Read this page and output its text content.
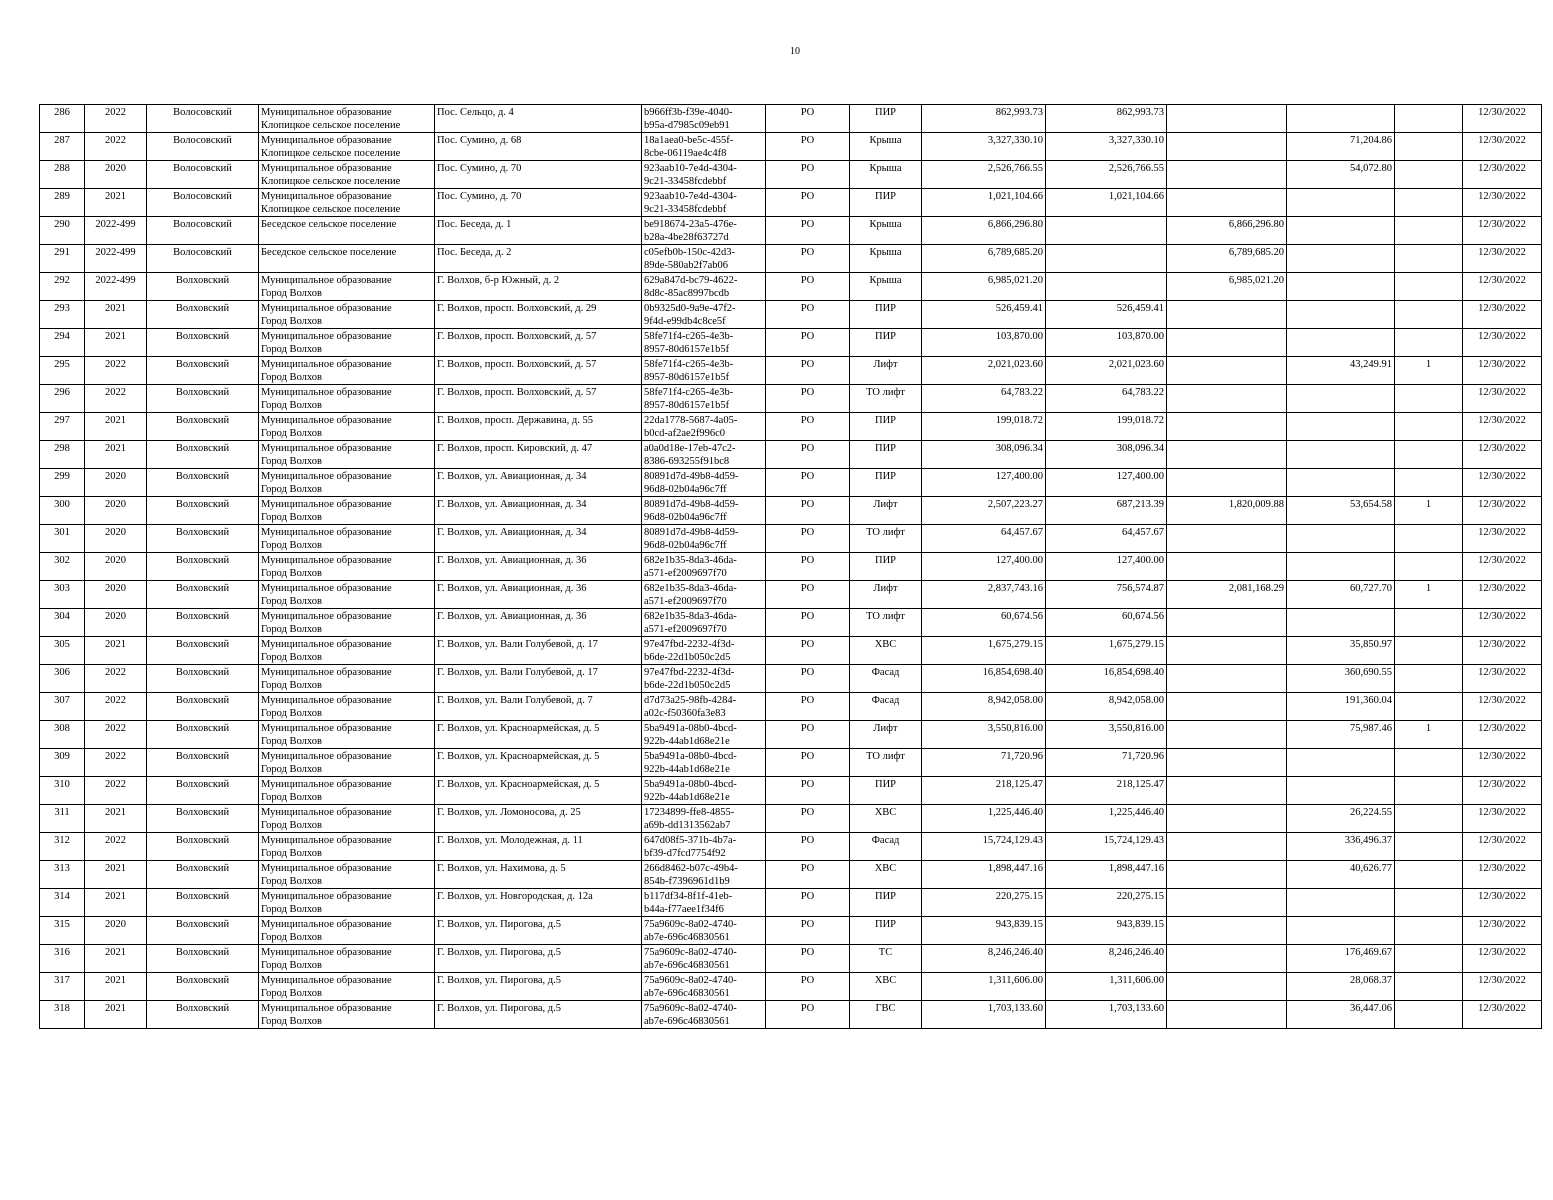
10
286	2022	Волосовский	Муниципальное образование
Клопицкое сельское поселение	Пос. Сельцо, д. 4	b966ff3b-f39e-4040-
b95a-d7985c09eb91	РО	ПИР	862,993.73	862,993.73				12/30/2022
287	2022	Волосовский	Муниципальное образование
Клопицкое сельское поселение	Пос. Сумино, д. 68	18a1aea0-be5c-455f-
8cbe-06119ae4c4f8	РО	Крыша	3,327,330.10	3,327,330.10		71,204.86		12/30/2022
288	2020	Волосовский	Муниципальное образование
Клопицкое сельское поселение	Пос. Сумино, д. 70	923aab10-7e4d-4304-
9c21-33458fcdebbf	РО	Крыша	2,526,766.55	2,526,766.55		54,072.80		12/30/2022
289	2021	Волосовский	Муниципальное образование
Клопицкое сельское поселение	Пос. Сумино, д. 70	923aab10-7e4d-4304-
9c21-33458fcdebbf	РО	ПИР	1,021,104.66	1,021,104.66				12/30/2022
290	2022-499	Волосовский	Беседское сельское поселение	Пос. Беседа, д. 1	be918674-23a5-476e-
b28a-4be28f63727d	РО	Крыша	6,866,296.80		6,866,296.80			12/30/2022
291	2022-499	Волосовский	Беседское сельское поселение	Пос. Беседа, д. 2	c05efb0b-150c-42d3-
89de-580ab2f7ab06	РО	Крыша	6,789,685.20		6,789,685.20			12/30/2022
292	2022-499	Волховский	Муниципальное образование
Город Волхов	Г. Волхов, б-р Южный, д. 2	629a847d-bc79-4622-
8d8c-85ac8997bcdb	РО	Крыша	6,985,021.20		6,985,021.20			12/30/2022
293	2021	Волховский	Муниципальное образование
Город Волхов	Г. Волхов, просп. Волховский, д. 29	0b9325d0-9a9e-47f2-
9f4d-e99db4c8ce5f	РО	ПИР	526,459.41	526,459.41				12/30/2022
294	2021	Волховский	Муниципальное образование
Город Волхов	Г. Волхов, просп. Волховский, д. 57	58fe71f4-c265-4e3b-
8957-80d6157e1b5f	РО	ПИР	103,870.00	103,870.00				12/30/2022
295	2022	Волховский	Муниципальное образование
Город Волхов	Г. Волхов, просп. Волховский, д. 57	58fe71f4-c265-4e3b-
8957-80d6157e1b5f	РО	Лифт	2,021,023.60	2,021,023.60		43,249.91	1	12/30/2022
296	2022	Волховский	Муниципальное образование
Город Волхов	Г. Волхов, просп. Волховский, д. 57	58fe71f4-c265-4e3b-
8957-80d6157e1b5f	РО	ТО лифт	64,783.22	64,783.22				12/30/2022
297	2021	Волховский	Муниципальное образование
Город Волхов	Г. Волхов, просп. Державина, д. 55	22da1778-5687-4a05-
b0cd-af2ae2f996c0	РО	ПИР	199,018.72	199,018.72				12/30/2022
298	2021	Волховский	Муниципальное образование
Город Волхов	Г. Волхов, просп. Кировский, д. 47	a0a0d18e-17eb-47c2-
8386-693255f91bc8	РО	ПИР	308,096.34	308,096.34				12/30/2022
299	2020	Волховский	Муниципальное образование
Город Волхов	Г. Волхов, ул. Авиационная, д. 34	80891d7d-49b8-4d59-
96d8-02b04a96c7ff	РО	ПИР	127,400.00	127,400.00				12/30/2022
300	2020	Волховский	Муниципальное образование
Город Волхов	Г. Волхов, ул. Авиационная, д. 34	80891d7d-49b8-4d59-
96d8-02b04a96c7ff	РО	Лифт	2,507,223.27	687,213.39	1,820,009.88	53,654.58	1	12/30/2022
301	2020	Волховский	Муниципальное образование
Город Волхов	Г. Волхов, ул. Авиационная, д. 34	80891d7d-49b8-4d59-
96d8-02b04a96c7ff	РО	ТО лифт	64,457.67	64,457.67				12/30/2022
302	2020	Волховский	Муниципальное образование
Город Волхов	Г. Волхов, ул. Авиационная, д. 36	682e1b35-8da3-46da-
a571-ef2009697f70	РО	ПИР	127,400.00	127,400.00				12/30/2022
303	2020	Волховский	Муниципальное образование
Город Волхов	Г. Волхов, ул. Авиационная, д. 36	682e1b35-8da3-46da-
a571-ef2009697f70	РО	Лифт	2,837,743.16	756,574.87	2,081,168.29	60,727.70	1	12/30/2022
304	2020	Волховский	Муниципальное образование
Город Волхов	Г. Волхов, ул. Авиационная, д. 36	682e1b35-8da3-46da-
a571-ef2009697f70	РО	ТО лифт	60,674.56	60,674.56				12/30/2022
305	2021	Волховский	Муниципальное образование
Город Волхов	Г. Волхов, ул. Вали Голубевой, д. 17	97e47fbd-2232-4f3d-
b6de-22d1b050c2d5	РО	ХВС	1,675,279.15	1,675,279.15		35,850.97		12/30/2022
306	2022	Волховский	Муниципальное образование
Город Волхов	Г. Волхов, ул. Вали Голубевой, д. 17	97e47fbd-2232-4f3d-
b6de-22d1b050c2d5	РО	Фасад	16,854,698.40	16,854,698.40		360,690.55		12/30/2022
307	2022	Волховский	Муниципальное образование
Город Волхов	Г. Волхов, ул. Вали Голубевой, д. 7	d7d73a25-98fb-4284-
a02c-f50360fa3e83	РО	Фасад	8,942,058.00	8,942,058.00		191,360.04		12/30/2022
308	2022	Волховский	Муниципальное образование
Город Волхов	Г. Волхов, ул. Красноармейская, д. 5	5ba9491a-08b0-4bcd-
922b-44ab1d68e21e	РО	Лифт	3,550,816.00	3,550,816.00		75,987.46	1	12/30/2022
309	2022	Волховский	Муниципальное образование
Город Волхов	Г. Волхов, ул. Красноармейская, д. 5	5ba9491a-08b0-4bcd-
922b-44ab1d68e21e	РО	ТО лифт	71,720.96	71,720.96				12/30/2022
310	2022	Волховский	Муниципальное образование
Город Волхов	Г. Волхов, ул. Красноармейская, д. 5	5ba9491a-08b0-4bcd-
922b-44ab1d68e21e	РО	ПИР	218,125.47	218,125.47				12/30/2022
311	2021	Волховский	Муниципальное образование
Город Волхов	Г. Волхов, ул. Ломоносова, д. 25	17234899-ffe8-4855-
a69b-dd1313562ab7	РО	ХВС	1,225,446.40	1,225,446.40		26,224.55		12/30/2022
312	2022	Волховский	Муниципальное образование
Город Волхов	Г. Волхов, ул. Молодежная, д. 11	647d08f5-371b-4b7a-
bf39-d7fcd7754f92	РО	Фасад	15,724,129.43	15,724,129.43		336,496.37		12/30/2022
313	2021	Волховский	Муниципальное образование
Город Волхов	Г. Волхов, ул. Нахимова, д. 5	266d8462-b07c-49b4-
854b-f7396961d1b9	РО	ХВС	1,898,447.16	1,898,447.16		40,626.77		12/30/2022
314	2021	Волховский	Муниципальное образование
Город Волхов	Г. Волхов, ул. Новгородская, д. 12а	b117df34-8f1f-41eb-
b44a-f77aee1f34f6	РО	ПИР	220,275.15	220,275.15				12/30/2022
315	2020	Волховский	Муниципальное образование
Город Волхов	Г. Волхов, ул. Пирогова, д.5	75a9609c-8a02-4740-
ab7e-696c46830561	РО	ПИР	943,839.15	943,839.15				12/30/2022
316	2021	Волховский	Муниципальное образование
Город Волхов	Г. Волхов, ул. Пирогова, д.5	75a9609c-8a02-4740-
ab7e-696c46830561	РО	ТС	8,246,246.40	8,246,246.40		176,469.67		12/30/2022
317	2021	Волховский	Муниципальное образование
Город Волхов	Г. Волхов, ул. Пирогова, д.5	75a9609c-8a02-4740-
ab7e-696c46830561	РО	ХВС	1,311,606.00	1,311,606.00		28,068.37		12/30/2022
318	2021	Волховский	Муниципальное образование
Город Волхов	Г. Волхов, ул. Пирогова, д.5	75a9609c-8a02-4740-
ab7e-696c46830561	РО	ГВС	1,703,133.60	1,703,133.60		36,447.06		12/30/2022
